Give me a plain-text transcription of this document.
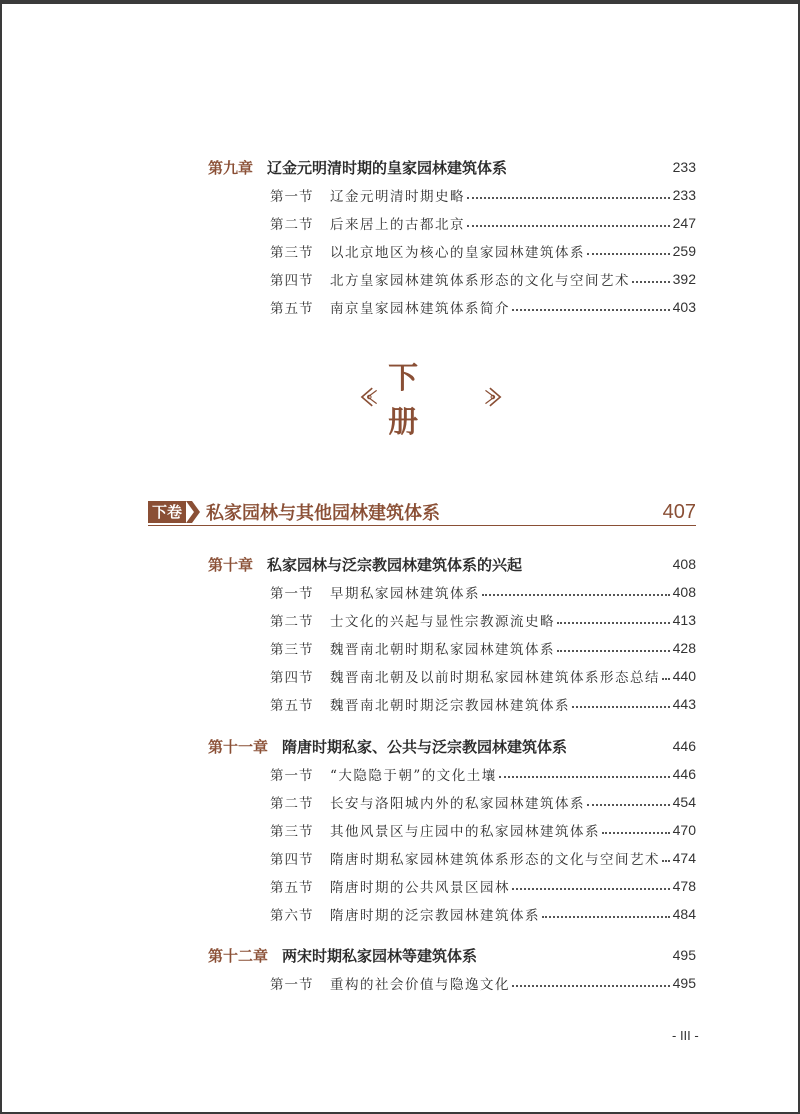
第九章 辽金元明清时期的皇家园林建筑体系	233
第一节	辽金元明清时期史略	233
第二节	后来居上的古都北京	247
第三节	以北京地区为核心的皇家园林建筑体系	259
第四节	北方皇家园林建筑体系形态的文化与空间艺术	392
第五节	南京皇家园林建筑体系简介	403
下 册
下卷 私家园林与其他园林建筑体系	407
第十章 私家园林与泛宗教园林建筑体系的兴起	408
第一节	早期私家园林建筑体系	408
第二节	士文化的兴起与显性宗教源流史略	413
第三节	魏晋南北朝时期私家园林建筑体系	428
第四节	魏晋南北朝及以前时期私家园林建筑体系形态总结 440
第五节	魏晋南北朝时期泛宗教园林建筑体系	443
第十一章 隋唐时期私家、公共与泛宗教园林建筑体系	446
第一节	“大隐隐于朝”的文化土壤	446
第二节	长安与洛阳城内外的私家园林建筑体系	454
第三节	其他风景区与庄园中的私家园林建筑体系	470
第四节	隋唐时期私家园林建筑体系形态的文化与空间艺术 474
第五节	隋唐时期的公共风景区园林	478
第六节	隋唐时期的泛宗教园林建筑体系	484
第十二章 两宋时期私家园林等建筑体系	495
第一节	重构的社会价值与隐逸文化	495
- III -
